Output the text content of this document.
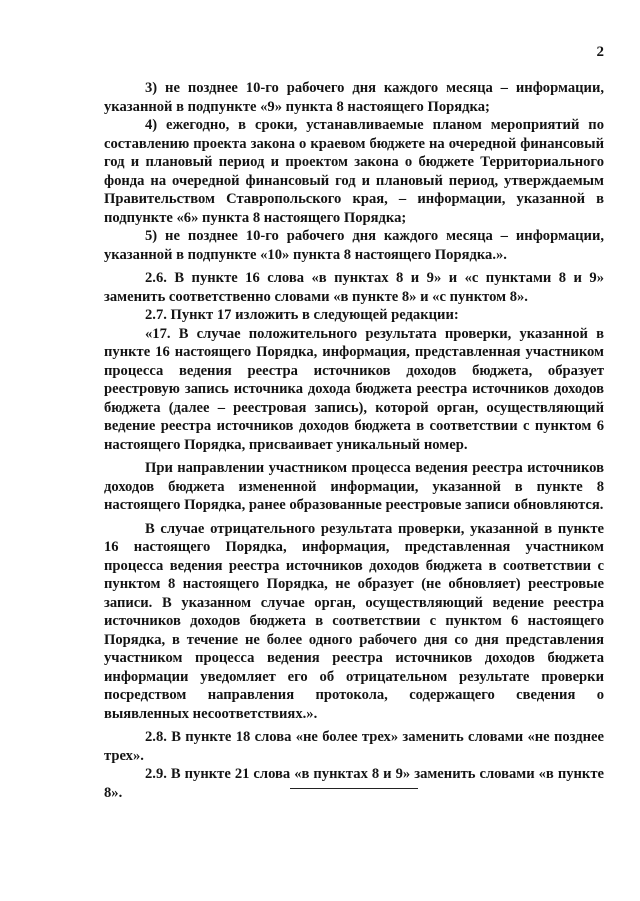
2

3) не позднее 10-го рабочего дня каждого месяца – информации, указанной в подпункте «9» пункта 8 настоящего Порядка;

4) ежегодно, в сроки, устанавливаемые планом мероприятий по составлению проекта закона о краевом бюджете на очередной финансовый год и плановый период и проектом закона о бюджете Территориального фонда на очередной финансовый год и плановый период, утверждаемым Правительством Ставропольского края, – информации, указанной в подпункте «6» пункта 8 настоящего Порядка;

5) не позднее 10-го рабочего дня каждого месяца – информации, указанной в подпункте «10» пункта 8 настоящего Порядка.».

2.6. В пункте 16 слова «в пунктах 8 и 9» и «с пунктами 8 и 9» заменить соответственно словами «в пункте 8» и «с пунктом 8».

2.7. Пункт 17 изложить в следующей редакции:

«17. В случае положительного результата проверки, указанной в пункте 16 настоящего Порядка, информация, представленная участником процесса ведения реестра источников доходов бюджета, образует реестровую запись источника дохода бюджета реестра источников доходов бюджета (далее – реестровая запись), которой орган, осуществляющий ведение реестра источников доходов бюджета в соответствии с пунктом 6 настоящего Порядка, присваивает уникальный номер.

При направлении участником процесса ведения реестра источников доходов бюджета измененной информации, указанной в пункте 8 настоящего Порядка, ранее образованные реестровые записи обновляются.

В случае отрицательного результата проверки, указанной в пункте 16 настоящего Порядка, информация, представленная участником процесса ведения реестра источников доходов бюджета в соответствии с пунктом 8 настоящего Порядка, не образует (не обновляет) реестровые записи. В указанном случае орган, осуществляющий ведение реестра источников доходов бюджета в соответствии с пунктом 6 настоящего Порядка, в течение не более одного рабочего дня со дня представления участником процесса ведения реестра источников доходов бюджета информации уведомляет его об отрицательном результате проверки посредством направления протокола, содержащего сведения о выявленных несоответствиях.».

2.8. В пункте 18 слова «не более трех» заменить словами «не позднее трех».

2.9. В пункте 21 слова «в пунктах 8 и 9» заменить словами «в пункте 8».
